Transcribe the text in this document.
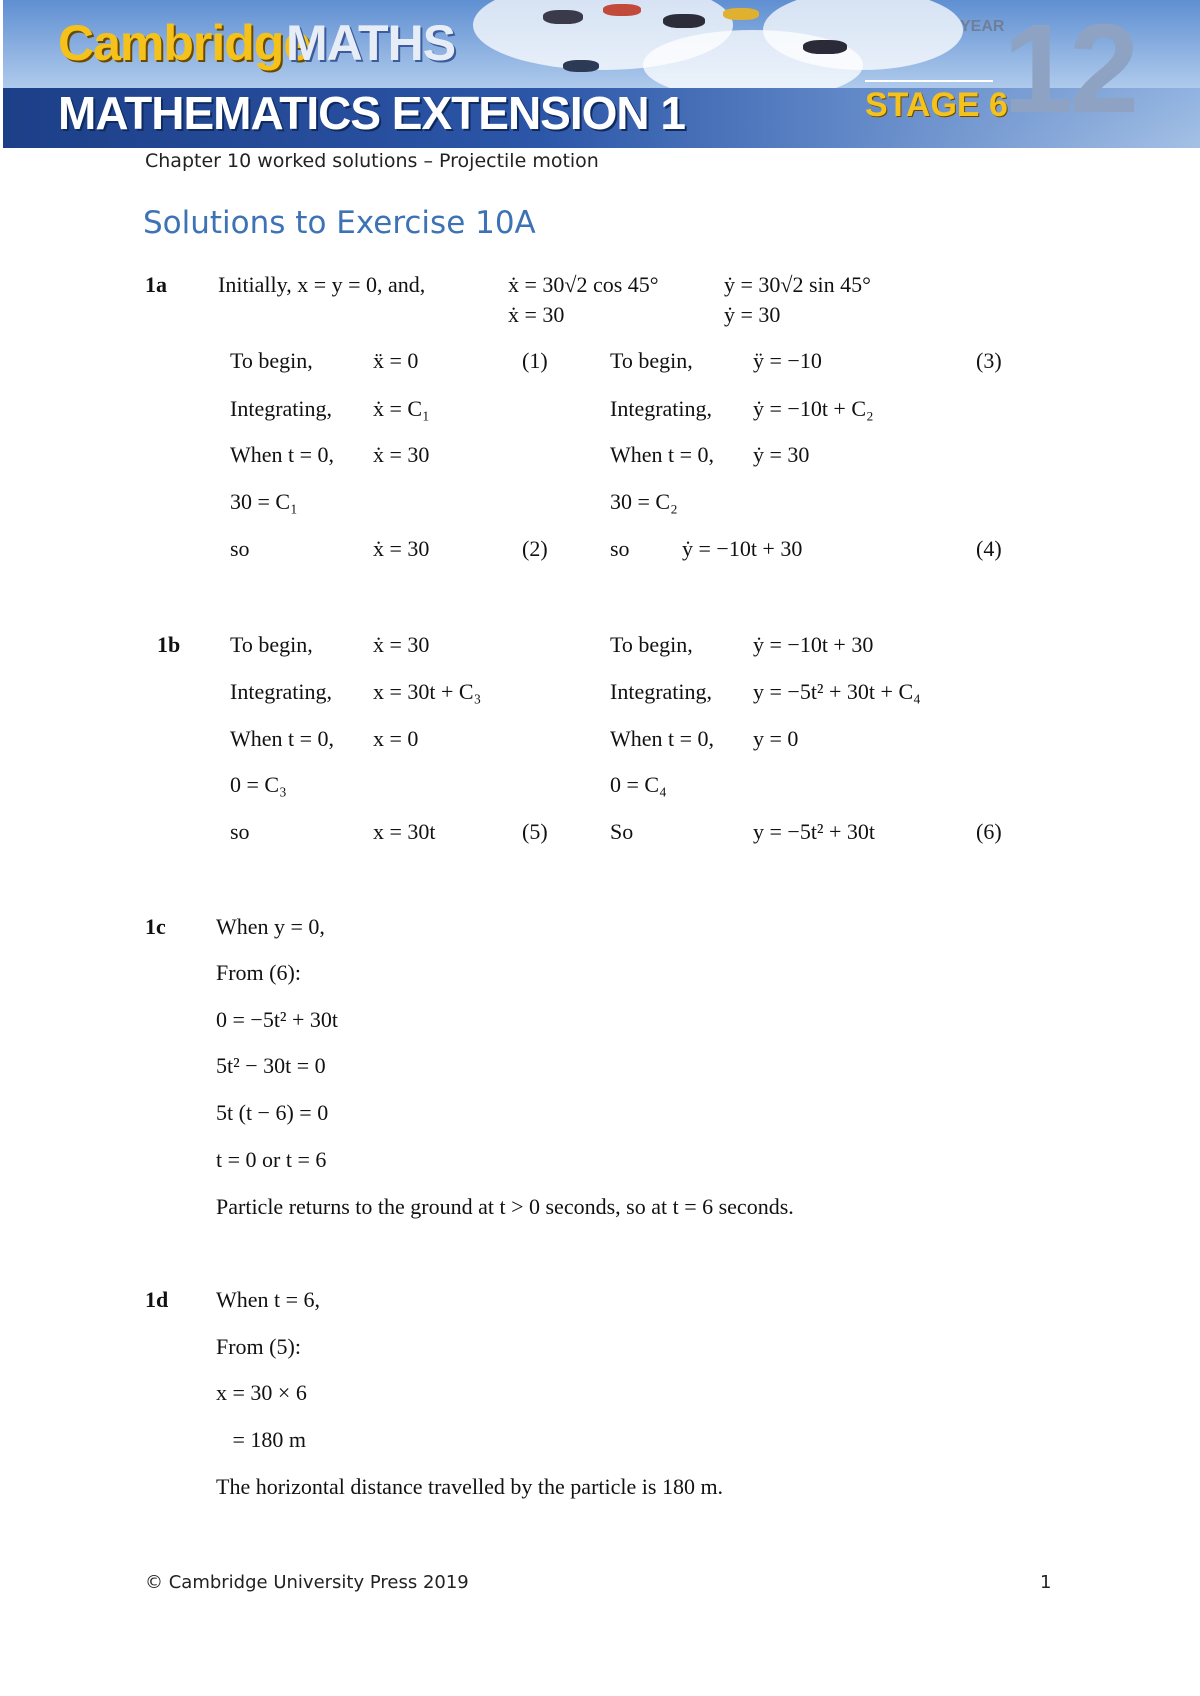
Cambridge
MATHS
MATHEMATICS EXTENSION 1
YEAR
12
STAGE 6
Chapter 10 worked solutions – Projectile motion
Solutions to Exercise 10A
1a Initially, x = y = 0, and,	ẋ = 30√2 cos 45°	ẏ = 30√2 sin 45°
ẋ = 30	ẏ = 30
To begin,	ẍ = 0	(1)
Integrating, ẋ = C₁
When t = 0, ẋ = 30
30 = C₁
so	ẋ = 30	(2)
To begin,	ÿ = −10	(3)
Integrating, ẏ = −10t + C₂
When t = 0, ẏ = 30
30 = C₂
so ẏ = −10t + 30	(4)
1b To begin,	ẋ = 30
Integrating, x = 30t + C₃
When t = 0, x = 0
0 = C₃
so	x = 30t	(5)
To begin,	ẏ = −10t + 30
Integrating, y = −5t² + 30t + C₄
When t = 0, y = 0
0 = C₄
So	y = −5t² + 30t	(6)
1c When y = 0,
From (6):
0 = −5t² + 30t
5t² − 30t = 0
5t (t − 6) = 0
t = 0 or t = 6
Particle returns to the ground at t > 0 seconds, so at t = 6 seconds.
1d When t = 6,
From (5):
x = 30 × 6
= 180 m
The horizontal distance travelled by the particle is 180 m.
© Cambridge University Press 2019	1
